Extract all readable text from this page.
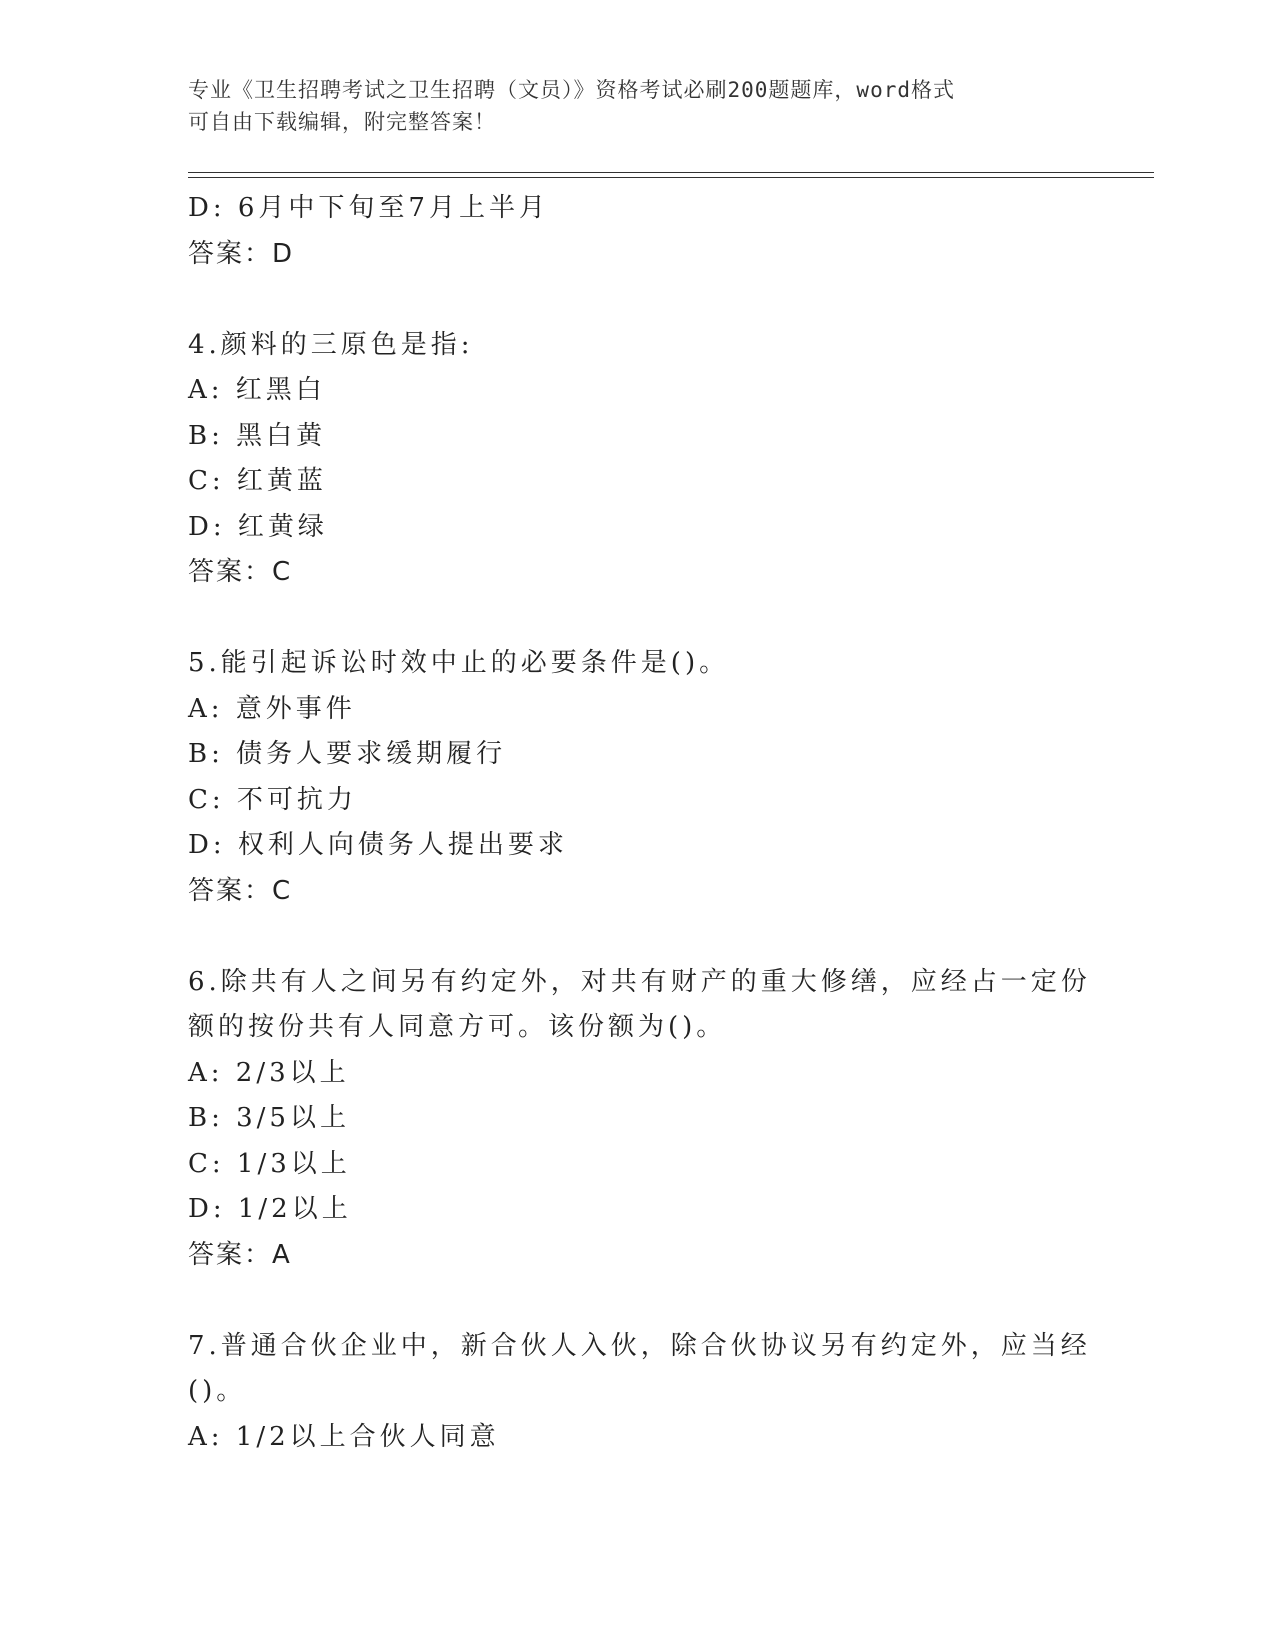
专业《卫生招聘考试之卫生招聘（文员）》资格考试必刷200题题库，word格式
可自由下载编辑，附完整答案！
D: 6月中下旬至7月上半月
答案：D
4.颜料的三原色是指:
A: 红黑白
B: 黑白黄
C: 红黄蓝
D: 红黄绿
答案：C
5.能引起诉讼时效中止的必要条件是()。
A: 意外事件
B: 债务人要求缓期履行
C: 不可抗力
D: 权利人向债务人提出要求
答案：C
6.除共有人之间另有约定外，对共有财产的重大修缮，应经占一定份
额的按份共有人同意方可。该份额为()。
A: 2/3以上
B: 3/5以上
C: 1/3以上
D: 1/2以上
答案：A
7.普通合伙企业中，新合伙人入伙，除合伙协议另有约定外，应当经
()。
A: 1/2以上合伙人同意
